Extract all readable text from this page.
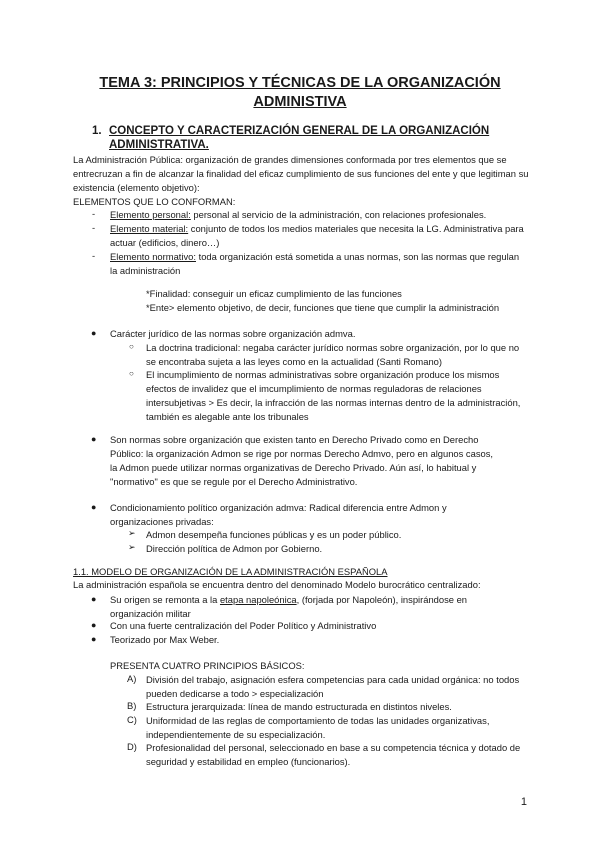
TEMA 3: PRINCIPIOS Y TÉCNICAS DE LA ORGANIZACIÓN ADMINISTIVA
1. CONCEPTO Y CARACTERIZACIÓN GENERAL DE LA ORGANIZACIÓN ADMINISTRATIVA.
La Administración Pública: organización de grandes dimensiones conformada por tres elementos que se entrecruzan a fin de alcanzar la finalidad del eficaz cumplimiento de sus funciones del ente y que legitiman su existencia (elemento objetivo):
ELEMENTOS QUE LO CONFORMAN:
- Elemento personal: personal al servicio de la administración, con relaciones profesionales.
- Elemento material: conjunto de todos los medios materiales que necesita la LG. Administrativa para actuar (edificios, dinero…)
- Elemento normativo: toda organización está sometida a unas normas, son las normas que regulan la administración
*Finalidad: conseguir un eficaz cumplimiento de las funciones
*Ente> elemento objetivo, de decir, funciones que tiene que cumplir la administración
● Carácter jurídico de las normas sobre organización admva.
○ La doctrina tradicional: negaba carácter jurídico normas sobre organización, por lo que no se encontraba sujeta a las leyes como en la actualidad (Santi Romano)
○ El incumplimiento de normas administrativas sobre organización produce los mismos efectos de invalidez que el imcumplimiento de normas reguladoras de relaciones intersubjetivas > Es decir, la infracción de las normas internas dentro de la administración, también es alegable ante los tribunales
● Son normas sobre organización que existen tanto en Derecho Privado como en Derecho Público: la organización Admon se rige por normas Derecho Admvo, pero en algunos casos, la Admon puede utilizar normas organizativas de Derecho Privado. Aún así, lo habitual y "normativo" es que se regule por el Derecho Administrativo.
● Condicionamiento político organización admva: Radical diferencia entre Admon y organizaciones privadas:
➢ Admon desempeña funciones públicas y es un poder público.
➢ Dirección política de Admon por Gobierno.
1.1. MODELO DE ORGANIZACIÓN DE LA ADMINISTRACIÓN ESPAÑOLA
La administración española se encuentra dentro del denominado Modelo burocrático centralizado:
● Su origen se remonta a la etapa napoleónica, (forjada por Napoleón), inspirándose en organización militar
● Con una fuerte centralización del Poder Político y Administrativo
● Teorizado por Max Weber.
PRESENTA CUATRO PRINCIPIOS BÁSICOS:
A) División del trabajo, asignación esfera competencias para cada unidad orgánica: no todos pueden dedicarse a todo > especialización
B) Estructura jerarquizada: línea de mando estructurada en distintos niveles.
C) Uniformidad de las reglas de comportamiento de todas las unidades organizativas, independientemente de su especialización.
D) Profesionalidad del personal, seleccionado en base a su competencia técnica y dotado de seguridad y estabilidad en empleo (funcionarios).
1
